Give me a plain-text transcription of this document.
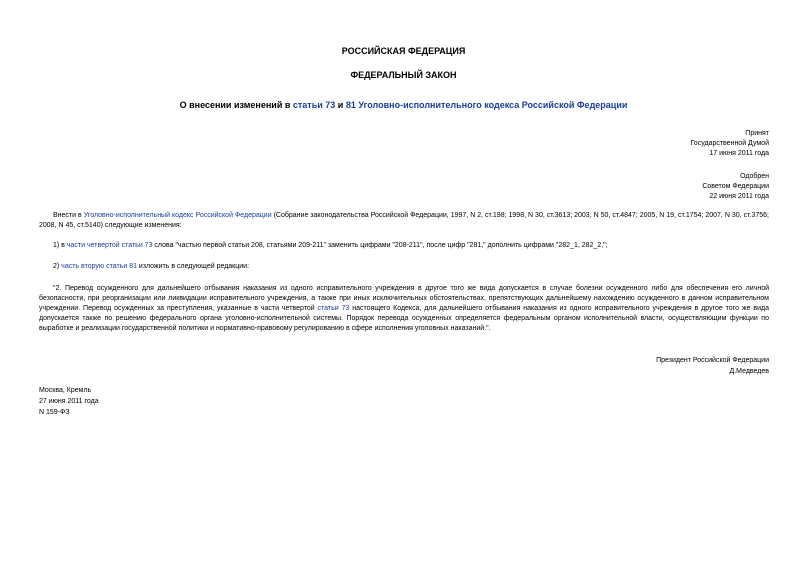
РОССИЙСКАЯ ФЕДЕРАЦИЯ
ФЕДЕРАЛЬНЫЙ ЗАКОН
О внесении изменений в статьи 73 и 81 Уголовно-исполнительного кодекса Российской Федерации
Принят
Государственной Думой
17 июня 2011 года
Одобрен
Советом Федерации
22 июня 2011 года
Внести в Уголовно-исполнительный кодекс Российской Федерации (Собрание законодательства Российской Федерации, 1997, N 2, ст.198; 1998, N 30, ст.3613; 2003, N 50, ст.4847; 2005, N 19, ст.1754; 2007, N 30, ст.3756; 2008, N 45, ст.5140) следующие изменения:
1) в части четвертой статьи 73 слова "частью первой статьи 208, статьями 209-211" заменить цифрами "208-211", после цифр "281," дополнить цифрами "282_1, 282_2,";
2) часть вторую статьи 81 изложить в следующей редакции:
"2. Перевод осужденного для дальнейшего отбывания наказания из одного исправительного учреждения в другое того же вида допускается в случае болезни осужденного либо для обеспечения его личной безопасности, при реорганизации или ликвидации исправительного учреждения, а также при иных исключительных обстоятельствах, препятствующих дальнейшему нахождению осужденного в данном исправительном учреждении. Перевод осужденных за преступления, указанные в части четвертой статьи 73 настоящего Кодекса, для дальнейшего отбывания наказания из одного исправительного учреждения в другое того же вида допускается также по решению федерального органа уголовно-исполнительной системы. Порядок перевода осужденных определяется федеральным органом исполнительной власти, осуществляющим функции по выработке и реализации государственной политики и нормативно-правовому регулированию в сфере исполнения уголовных наказаний.".
Президент Российской Федерации
Д.Медведев
Москва, Кремль
27 июня 2011 года
N 159-ФЗ
